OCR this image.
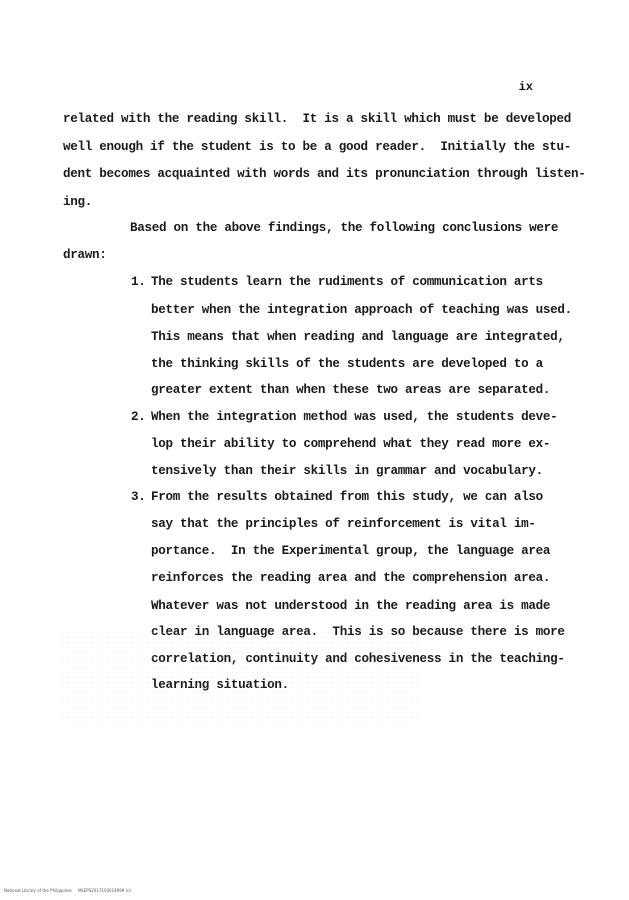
ix
related with the reading skill.  It is a skill which must be developed
well enough if the student is to be a good reader.  Initially the stu-
dent becomes acquainted with words and its pronunciation through listen-
ing.
Based on the above findings, the following conclusions were
drawn:
1. The students learn the rudiments of communication arts
better when the integration approach of teaching was used.
This means that when reading and language are integrated,
the thinking skills of the students are developed to a
greater extent than when these two areas are separated.
2. When the integration method was used, the students deve-
lop their ability to comprehend what they read more ex-
tensively than their skills in grammar and vocabulary.
3. From the results obtained from this study, we can also
say that the principles of reinforcement is vital im-
portance.  In the Experimental group, the language area
reinforces the reading area and the comprehension area.
Whatever was not understood in the reading area is made
clear in language area.  This is so because there is more
correlation, continuity and cohesiveness in the teaching-
learning situation.
National Library of the Philippines     MLEPS2017103014999 (c)
